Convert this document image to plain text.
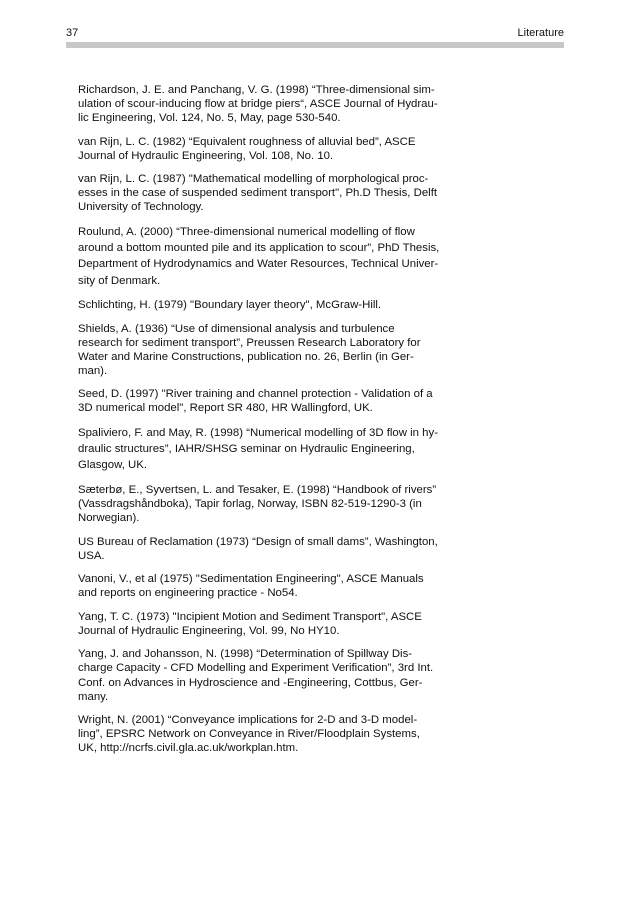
37	Literature
Richardson, J. E. and Panchang, V. G. (1998) “Three-dimensional sim-
ulation of scour-inducing flow at bridge piers“, ASCE Journal of Hydrau-
lic Engineering, Vol. 124, No. 5, May, page 530-540.
van Rijn, L. C. (1982) “Equivalent roughness of alluvial bed”, ASCE
Journal of Hydraulic Engineering, Vol. 108, No. 10.
van Rijn, L. C. (1987) "Mathematical modelling of morphological proc-
esses in the case of suspended sediment transport", Ph.D Thesis, Delft
University of Technology.
Roulund, A. (2000) “Three-dimensional numerical modelling of flow
around a bottom mounted pile and its application to scour”, PhD Thesis,
Department of Hydrodynamics and Water Resources, Technical Univer-
sity of Denmark.
Schlichting, H. (1979) "Boundary layer theory", McGraw-Hill.
Shields, A. (1936) “Use of dimensional analysis and turbulence
research for sediment transport”, Preussen Research Laboratory for
Water and Marine Constructions, publication no. 26, Berlin (in Ger-
man).
Seed, D. (1997) "River training and channel protection - Validation of a
3D numerical model", Report SR 480, HR Wallingford, UK.
Spaliviero, F. and May, R. (1998) “Numerical modelling of 3D flow in hy-
draulic structures”, IAHR/SHSG seminar on Hydraulic Engineering,
Glasgow, UK.
Sæterbø, E., Syvertsen, L. and Tesaker, E. (1998) “Handbook of rivers”
(Vassdragshåndboka), Tapir forlag, Norway, ISBN 82-519-1290-3 (in
Norwegian).
US Bureau of Reclamation (1973) “Design of small dams”, Washington,
USA.
Vanoni, V., et al (1975) "Sedimentation Engineering", ASCE Manuals
and reports on engineering practice - No54.
Yang, T. C. (1973) "Incipient Motion and Sediment Transport", ASCE
Journal of Hydraulic Engineering, Vol. 99, No HY10.
Yang, J. and Johansson, N. (1998) “Determination of Spillway Dis-
charge Capacity - CFD Modelling and Experiment Verification”, 3rd Int.
Conf. on Advances in Hydroscience and -Engineering, Cottbus, Ger-
many.
Wright, N. (2001) “Conveyance implications for 2-D and 3-D model-
ling”, EPSRC Network on Conveyance in River/Floodplain Systems,
UK, http://ncrfs.civil.gla.ac.uk/workplan.htm.
